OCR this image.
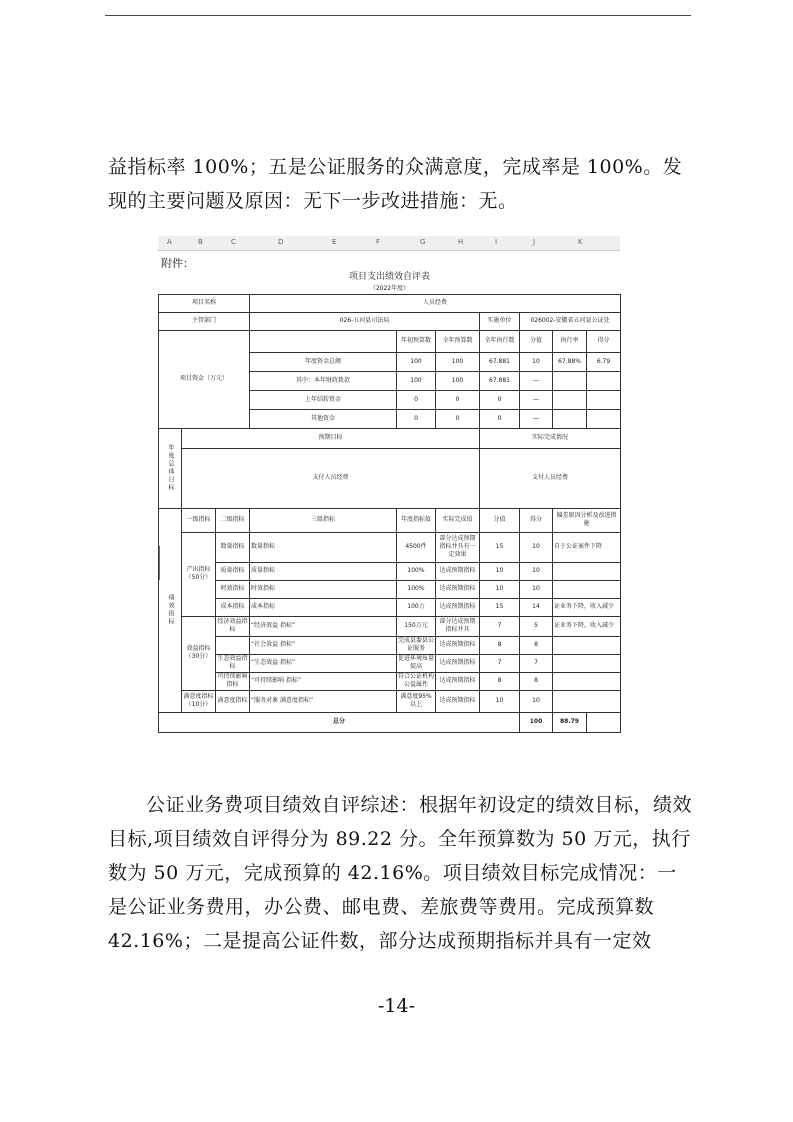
益指标率 100%；五是公证服务的众满意度，完成率是 100%。发现的主要问题及原因：无下一步改进措施：无。

A	B	C	D	E	F	G	H	I	J	K
附件：
项目支出绩效自评表									
（2022年度）									
项目名称			人员经费						
主管部门			026-五河县司法局			实施单位	026002-安徽省五河县公证处		
项目资金（万元）				年初预算数	全年预算数	全年执行数	分值	执行率	得分
			年度资金总额	100	100	67.881	10	67.88%	6.79
			其中：本年财政拨款	100	100	67.881	—		
			上年结转资金	0	0	0	—		
			其他资金	0	0	0	—		
年度总体目标	预期目标					实际完成情况			
	支付人员经费					支付人员经费			
绩效指标	一级指标	二级指标	三级指标	年度指标值	实际完成值	分值	得分	偏差原因分析及改进措施	
	产出指标（50分）	数量指标	数量指标	4500件	部分达成预期指标并具有一定效果	15	10	自于公证案件下降	
		质量指标	质量指标	100%	达成预期指标	10	10		
		时效指标	时效指标	100%	达成预期指标	10	10		
		成本指标	成本指标	100万	达成预期指标	15	14	证业务下降，收入减少	
	效益指标（30分）	经济效益指标	“经济效益 指标”	150万元	部分达成预期指标并具	7	5	证业务下降，收入减少	
			“社会效益 指标”	完成县委县公证服务	达成预期指标	8	8		
		生态效益指标	“生态效益 指标”	促进环境质量提高	达成预期指标	7	7		
		可持续影响指标	“可持续影响 指标”	符合公证机构公益属性	达成预期指标	8	8		
	满意度指标（10分）	满意度指标	“服务对象 满意度指标”	满意度95%以上	达成预期指标	10	10		
总分							100	88.79	

公证业务费项目绩效自评综述：根据年初设定的绩效目标，绩效目标,项目绩效自评得分为 89.22 分。全年预算数为 50 万元，执行数为 50 万元，完成预算的 42.16%。项目绩效目标完成情况：一是公证业务费用，办公费、邮电费、差旅费等费用。完成预算数 42.16%；二是提高公证件数，部分达成预期指标并具有一定效

-14-
